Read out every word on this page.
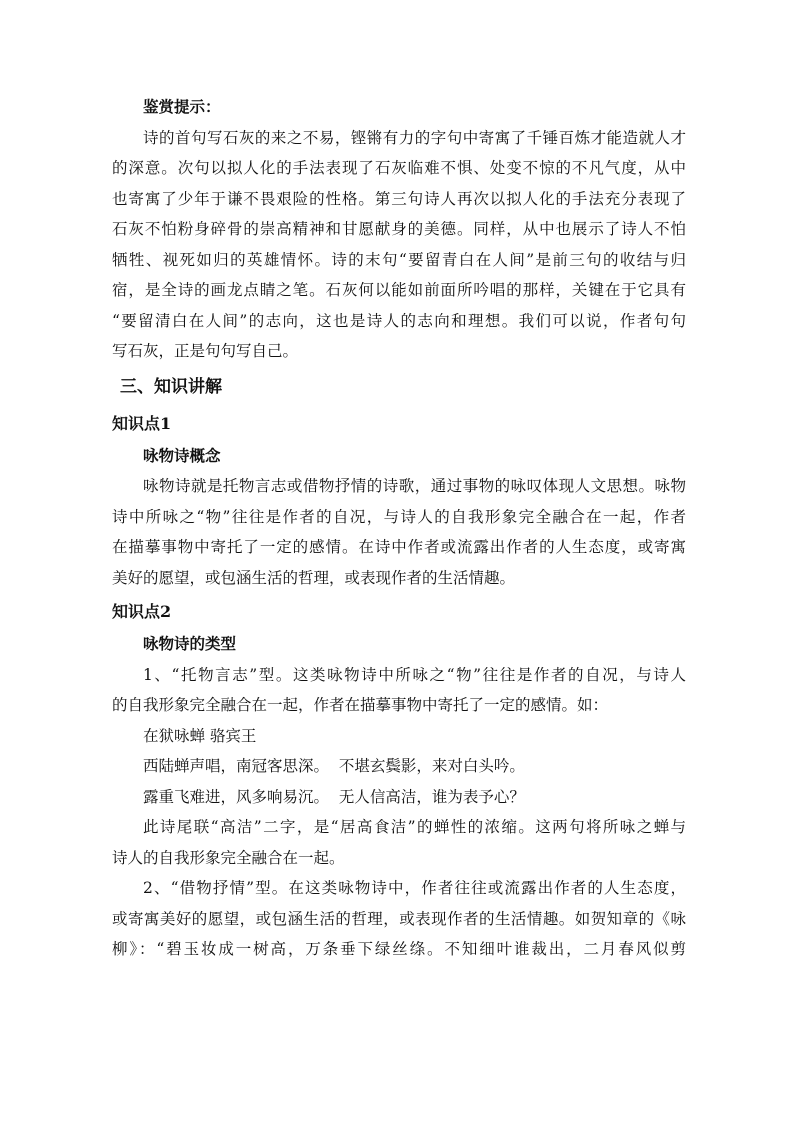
鉴赏提示：
诗的首句写石灰的来之不易，铿锵有力的字句中寄寓了千锤百炼才能造就人才
的深意。次句以拟人化的手法表现了石灰临难不惧、处变不惊的不凡气度，从中
也寄寓了少年于谦不畏艰险的性格。第三句诗人再次以拟人化的手法充分表现了
石灰不怕粉身碎骨的崇高精神和甘愿献身的美德。同样，从中也展示了诗人不怕
牺牲、视死如归的英雄情怀。诗的末句“要留青白在人间”是前三句的收结与归
宿，是全诗的画龙点睛之笔。石灰何以能如前面所吟唱的那样，关键在于它具有
“要留清白在人间”的志向，这也是诗人的志向和理想。我们可以说，作者句句
写石灰，正是句句写自己。
三、知识讲解
知识点1
咏物诗概念
咏物诗就是托物言志或借物抒情的诗歌，通过事物的咏叹体现人文思想。咏物
诗中所咏之“物”往往是作者的自况，与诗人的自我形象完全融合在一起，作者
在描摹事物中寄托了一定的感情。在诗中作者或流露出作者的人生态度，或寄寓
美好的愿望，或包涵生活的哲理，或表现作者的生活情趣。
知识点2
咏物诗的类型
1、“托物言志”型。这类咏物诗中所咏之“物”往往是作者的自况，与诗人
的自我形象完全融合在一起，作者在描摹事物中寄托了一定的感情。如：
在狱咏蝉 骆宾王
西陆蝉声唱，南冠客思深。  不堪玄鬓影，来对白头吟。
露重飞难进，风多响易沉。  无人信高洁，谁为表予心？
此诗尾联“高洁”二字，是“居高食洁”的蝉性的浓缩。这两句将所咏之蝉与
诗人的自我形象完全融合在一起。
2、“借物抒情”型。在这类咏物诗中，作者往往或流露出作者的人生态度，
或寄寓美好的愿望，或包涵生活的哲理，或表现作者的生活情趣。如贺知章的《咏
柳》：“碧玉妆成一树高，万条垂下绿丝绦。不知细叶谁裁出，二月春风似剪
